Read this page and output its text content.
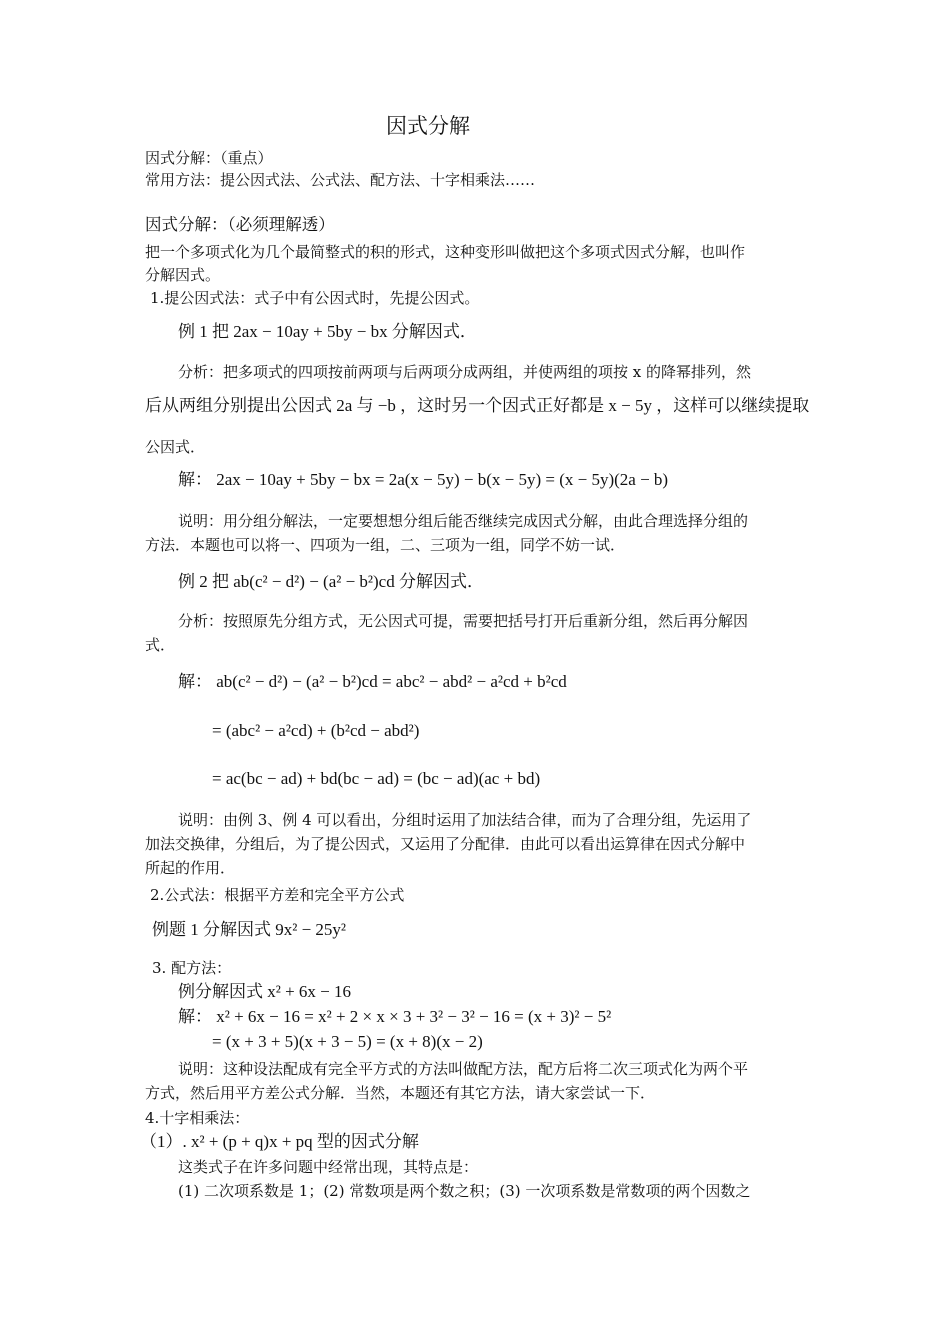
因式分解
因式分解：（重点）
常用方法：提公因式法、公式法、配方法、十字相乘法……
因式分解：（必须理解透）
把一个多项式化为几个最简整式的积的形式，这种变形叫做把这个多项式因式分解，也叫作
分解因式。
1.提公因式法：式子中有公因式时，先提公因式。
例 1 把 2ax − 10ay + 5by − bx 分解因式．
分析：把多项式的四项按前两项与后两项分成两组，并使两组的项按 x 的降幂排列，然
后从两组分别提出公因式 2a 与 −b ，这时另一个因式正好都是 x − 5y ，这样可以继续提取
公因式．
解： 2ax − 10ay + 5by − bx = 2a(x − 5y) − b(x − 5y) = (x − 5y)(2a − b)
说明：用分组分解法，一定要想想分组后能否继续完成因式分解，由此合理选择分组的
方法．本题也可以将一、四项为一组，二、三项为一组，同学不妨一试．
例 2 把 ab(c² − d²) − (a² − b²)cd 分解因式．
分析：按照原先分组方式，无公因式可提，需要把括号打开后重新分组，然后再分解因
式．
解： ab(c² − d²) − (a² − b²)cd = abc² − abd² − a²cd + b²cd
= (abc² − a²cd) + (b²cd − abd²)
= ac(bc − ad) + bd(bc − ad) = (bc − ad)(ac + bd)
说明：由例 3、例 4 可以看出，分组时运用了加法结合律，而为了合理分组，先运用了
加法交换律，分组后，为了提公因式，又运用了分配律．由此可以看出运算律在因式分解中
所起的作用．
2.公式法：根据平方差和完全平方公式
例题 1 分解因式 9x² − 25y²
3. 配方法：
例分解因式 x² + 6x − 16
解： x² + 6x − 16 = x² + 2 × x × 3 + 3² − 3² − 16 = (x + 3)² − 5²
= (x + 3 + 5)(x + 3 − 5) = (x + 8)(x − 2)
说明：这种设法配成有完全平方式的方法叫做配方法，配方后将二次三项式化为两个平
方式，然后用平方差公式分解．当然，本题还有其它方法，请大家尝试一下．
4.十字相乘法：
（1）. x² + (p + q)x + pq 型的因式分解
这类式子在许多问题中经常出现，其特点是：
(1) 二次项系数是 1；(2) 常数项是两个数之积；(3) 一次项系数是常数项的两个因数之
